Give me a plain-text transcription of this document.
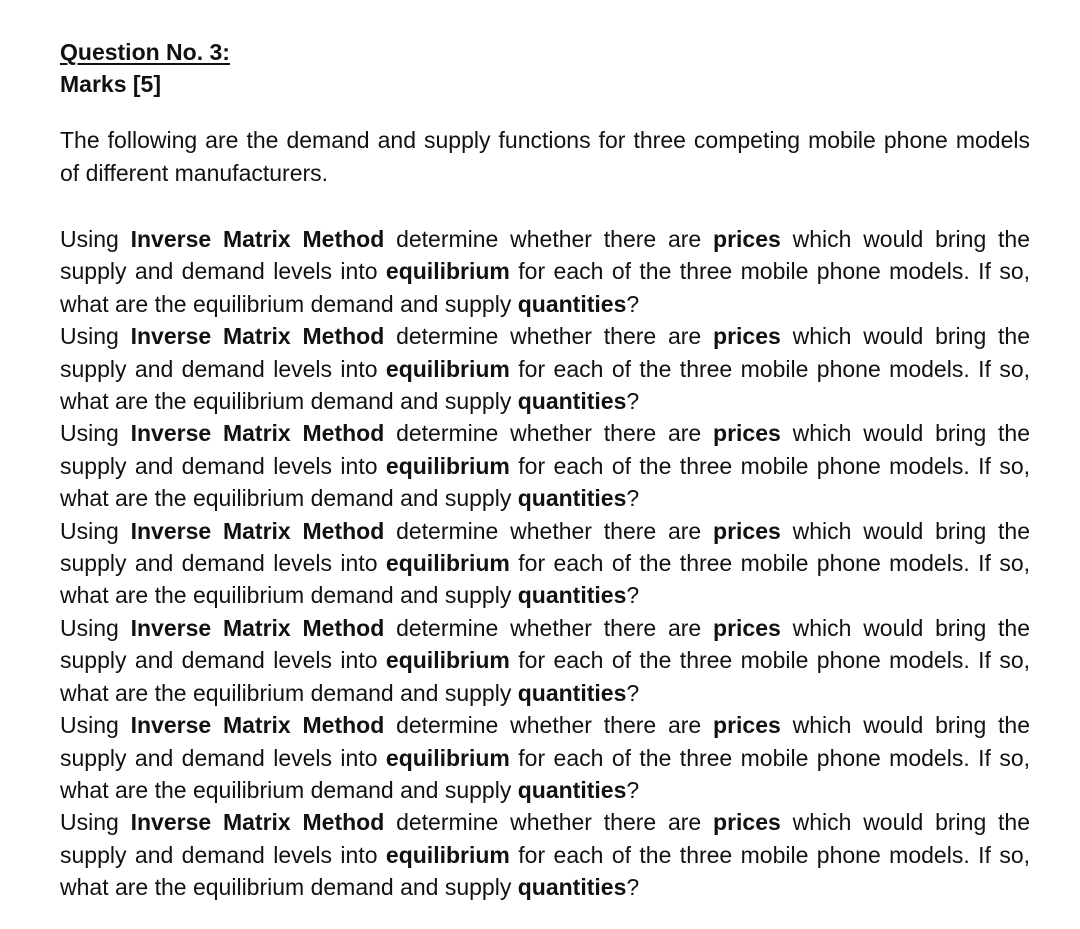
Question No. 3:
Marks [5]
The following are the demand and supply functions for three competing mobile phone models of different manufacturers.

Using Inverse Matrix Method determine whether there are prices which would bring the supply and demand levels into equilibrium for each of the three mobile phone models. If so, what are the equilibrium demand and supply quantities?

Using Inverse Matrix Method determine whether there are prices which would bring the supply and demand levels into equilibrium for each of the three mobile phone models. If so, what are the equilibrium demand and supply quantities?

Using Inverse Matrix Method determine whether there are prices which would bring the supply and demand levels into equilibrium for each of the three mobile phone models. If so, what are the equilibrium demand and supply quantities?

Using Inverse Matrix Method determine whether there are prices which would bring the supply and demand levels into equilibrium for each of the three mobile phone models. If so, what are the equilibrium demand and supply quantities?

Using Inverse Matrix Method determine whether there are prices which would bring the supply and demand levels into equilibrium for each of the three mobile phone models. If so, what are the equilibrium demand and supply quantities?

Using Inverse Matrix Method determine whether there are prices which would bring the supply and demand levels into equilibrium for each of the three mobile phone models. If so, what are the equilibrium demand and supply quantities?

Using Inverse Matrix Method determine whether there are prices which would bring the supply and demand levels into equilibrium for each of the three mobile phone models. If so, what are the equilibrium demand and supply quantities?
